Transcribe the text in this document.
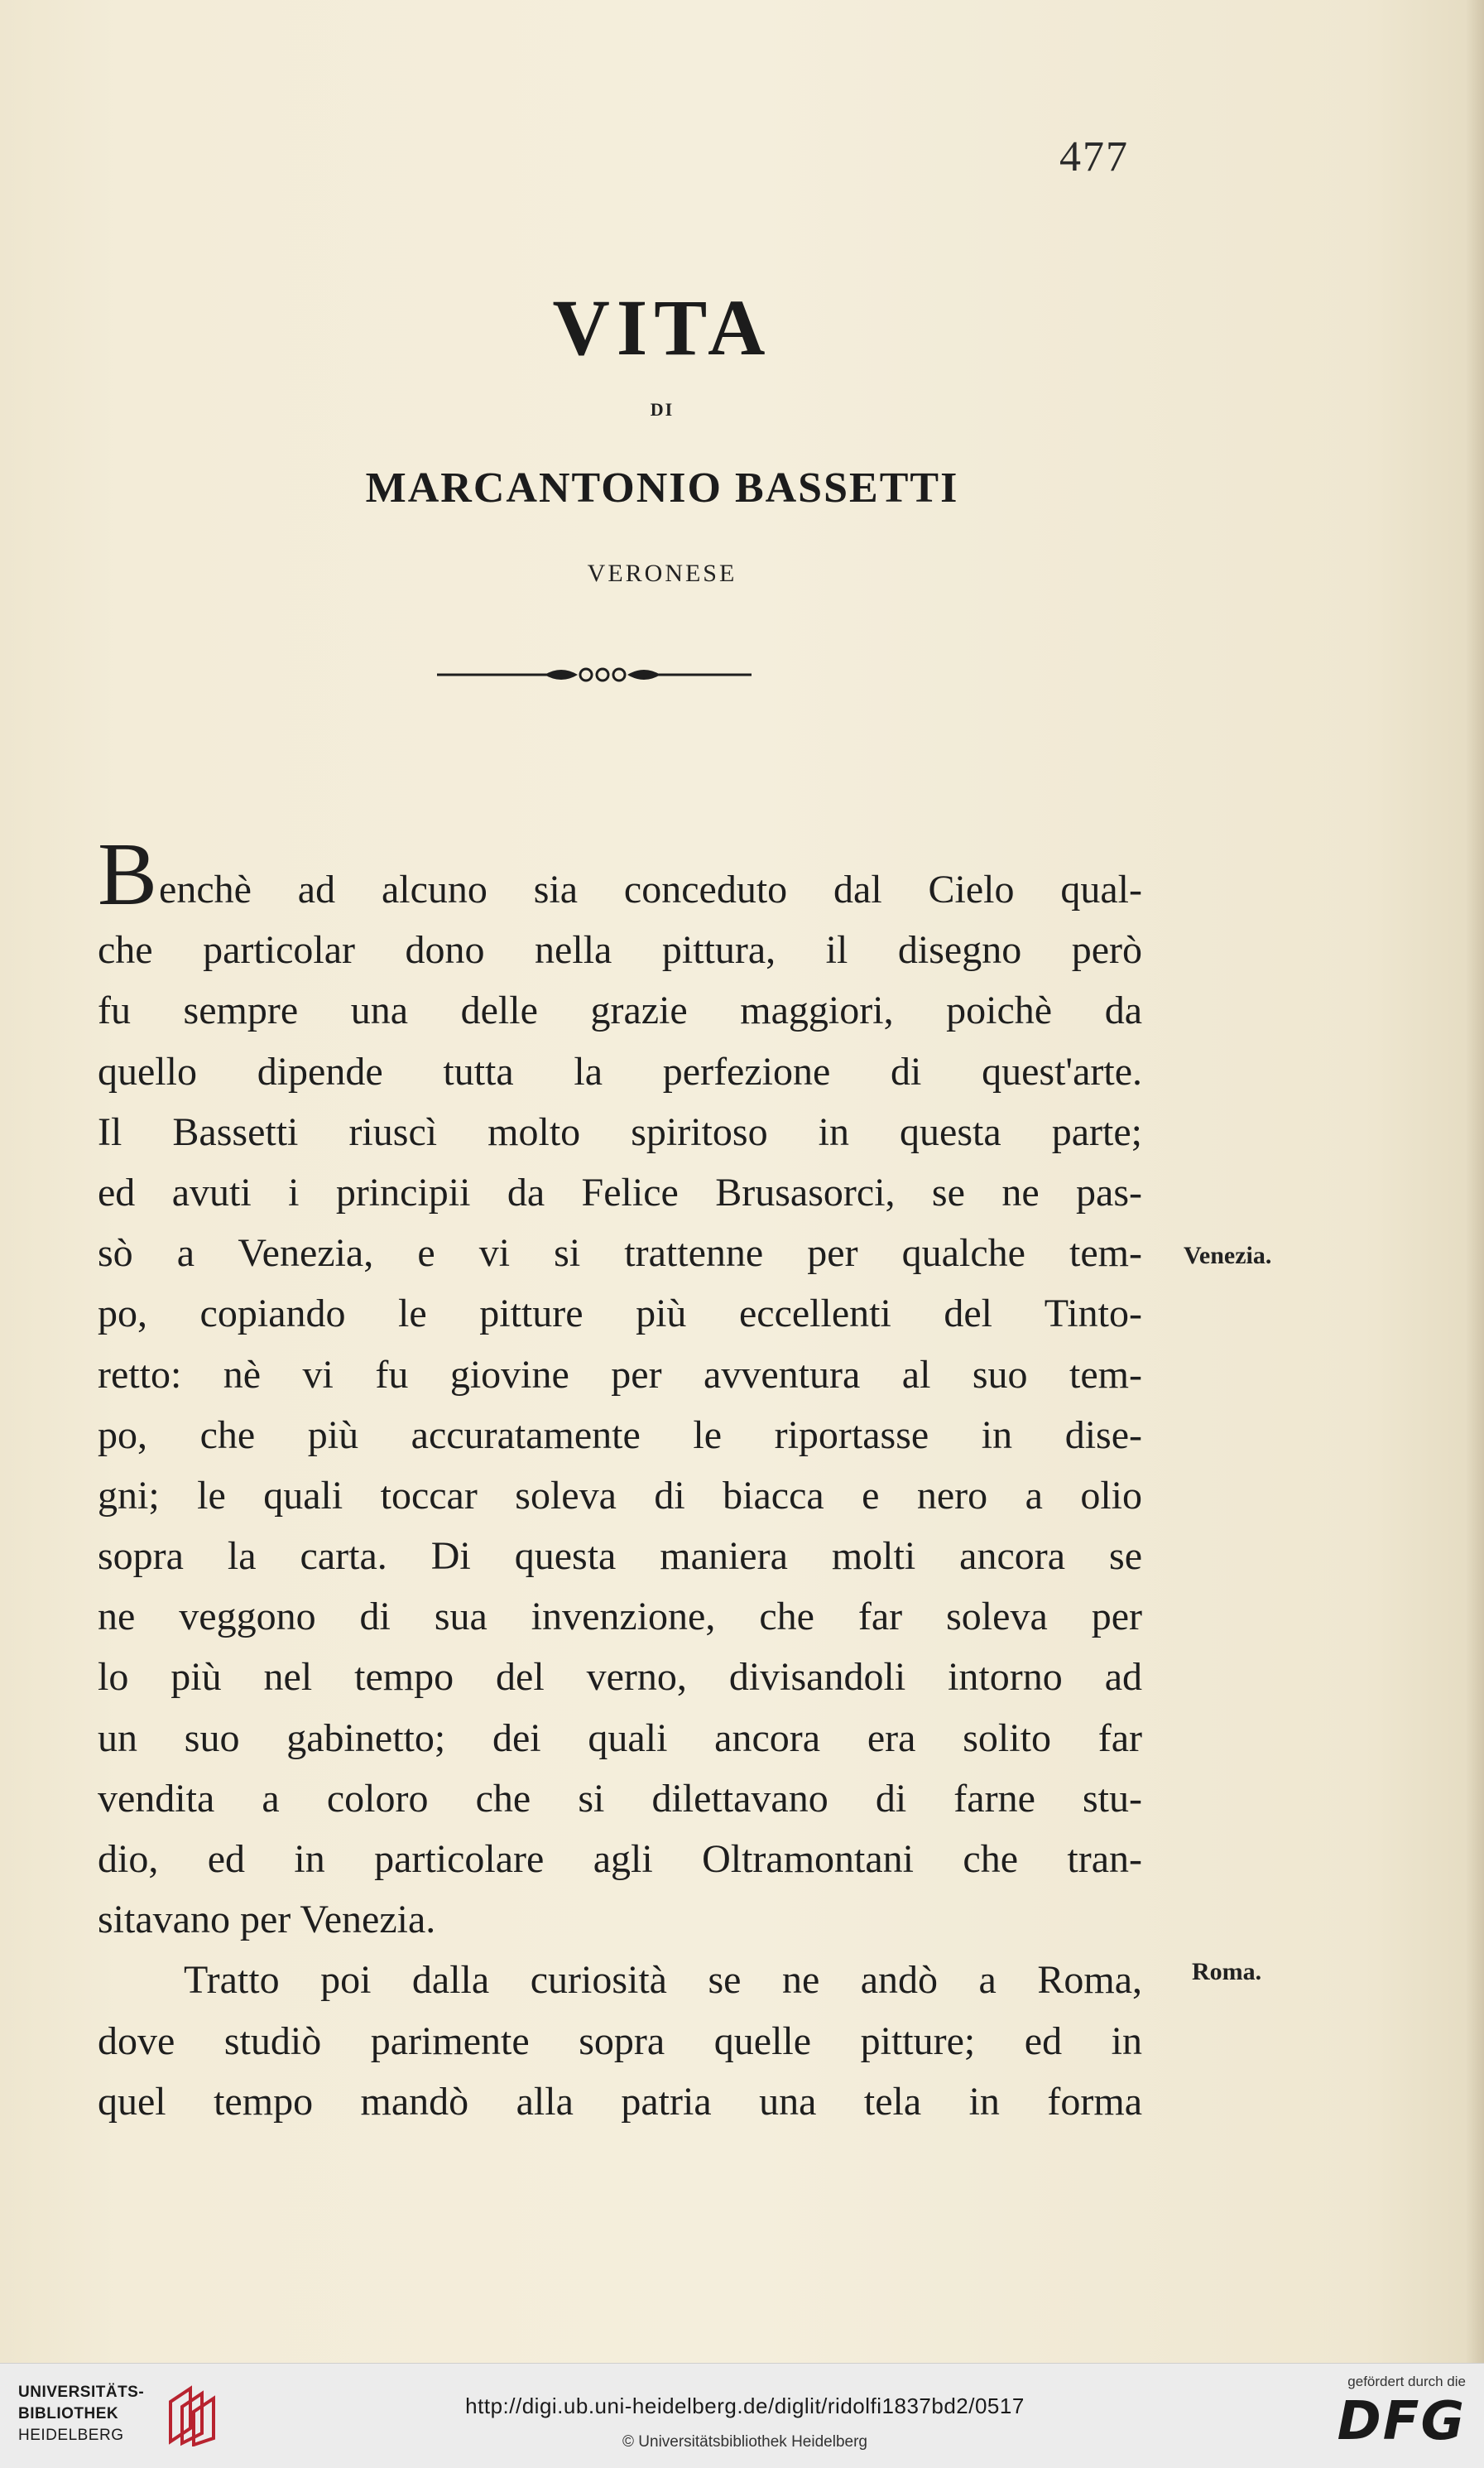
477
VITA
DI
MARCANTONIO BASSETTI
VERONESE
Benchè ad alcuno sia conceduto dal Cielo qual-
che particolar dono nella pittura, il disegno però
fu sempre una delle grazie maggiori, poichè da
quello dipende tutta la perfezione di quest'arte.
Il Bassetti riuscì molto spiritoso in questa parte;
ed avuti i principii da Felice Brusasorci, se ne pas-
sò a Venezia, e vi si trattenne per qualche tem-
po, copiando le pitture più eccellenti del Tinto-
retto: nè vi fu giovine per avventura al suo tem-
po, che più accuratamente le riportasse in dise-
gni; le quali toccar soleva di biacca e nero a olio
sopra la carta. Di questa maniera molti ancora se
ne veggono di sua invenzione, che far soleva per
lo più nel tempo del verno, divisandoli intorno ad
un suo gabinetto; dei quali ancora era solito far
vendita a coloro che si dilettavano di farne stu-
dio, ed in particolare agli Oltramontani che tran-
sitavano per Venezia.
Tratto poi dalla curiosità se ne andò a Roma,
dove studiò parimente sopra quelle pitture; ed in
quel tempo mandò alla patria una tela in forma
Venezia.
Roma.
UNIVERSITÄTS-
BIBLIOTHEK
HEIDELBERG
http://digi.ub.uni-heidelberg.de/diglit/ridolfi1837bd2/0517
© Universitätsbibliothek Heidelberg
gefördert durch die
DFG
